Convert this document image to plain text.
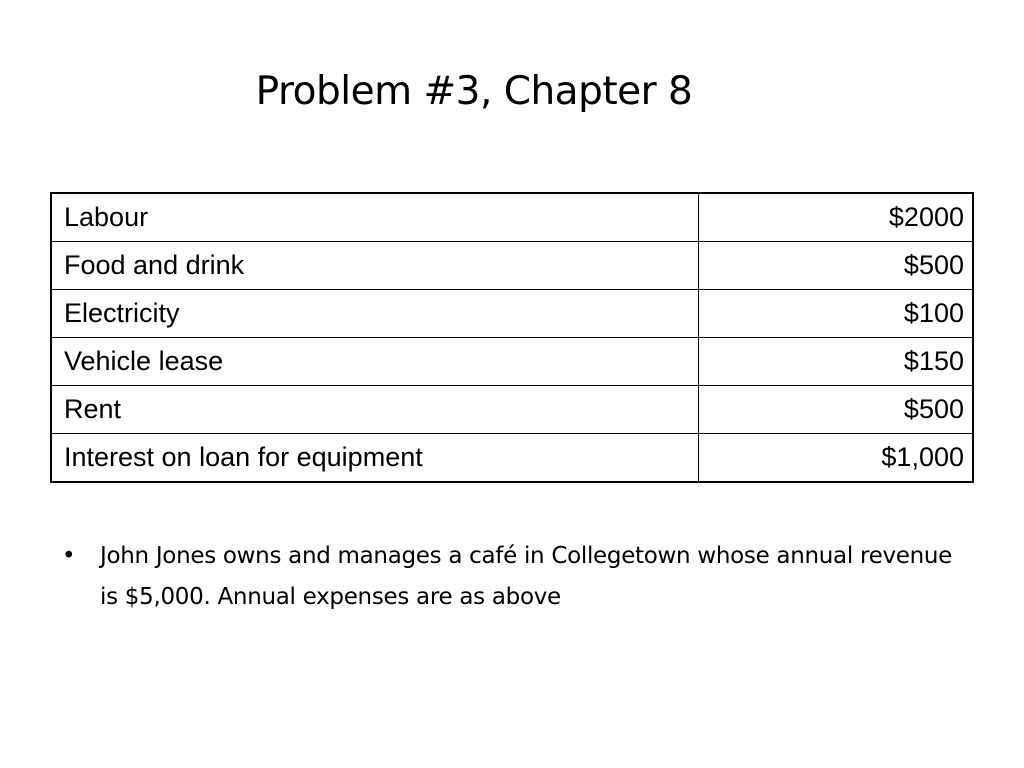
Problem #3, Chapter 8
Labour	$2000
Food and drink	$500
Electricity	$100
Vehicle lease	$150
Rent	$500
Interest on loan for equipment	$1,000
• John Jones owns and manages a café in Collegetown whose annual revenue is $5,000. Annual expenses are as above
